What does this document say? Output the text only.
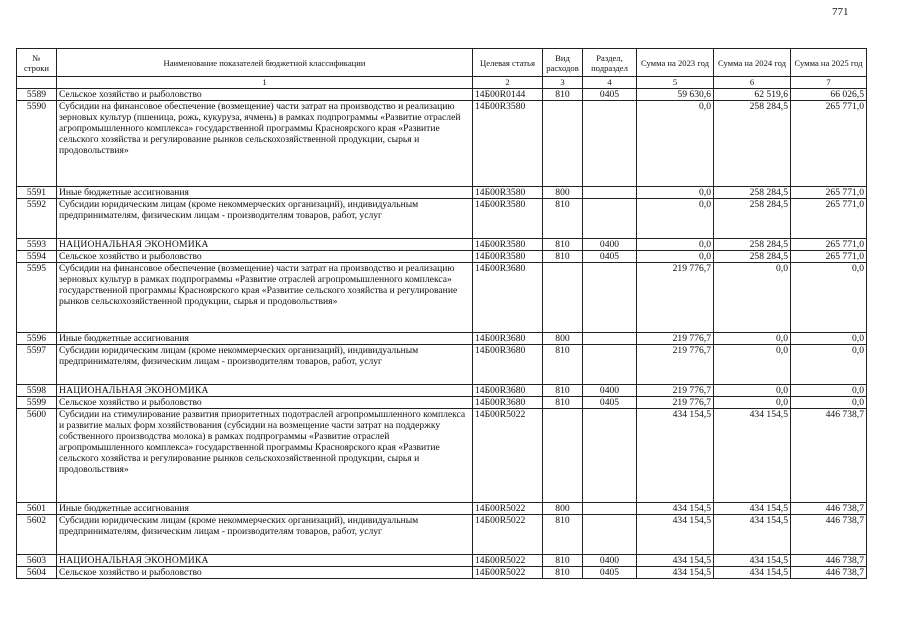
771
№ строки	Наименование показателей бюджетной классификации	Целевая статья	Вид расходов	Раздел, подраздел	Сумма на 2023 год	Сумма на 2024 год	Сумма на 2025 год
	1	2	3	4	5	6	7
5589	Сельское хозяйство и рыболовство	14Б00R0144	810	0405	59 630,6	62 519,6	66 026,5
5590	Субсидии на финансовое обеспечение (возмещение) части затрат на производство и реализацию зерновых культур (пшеница, рожь, кукуруза, ячмень) в рамках подпрограммы «Развитие отраслей агропромышленного комплекса» государственной программы Красноярского края «Развитие сельского хозяйства и регулирование рынков сельскохозяйственной продукции, сырья и продовольствия»	14Б00R3580			0,0	258 284,5	265 771,0
5591	Иные бюджетные ассигнования	14Б00R3580	800		0,0	258 284,5	265 771,0
5592	Субсидии юридическим лицам (кроме некоммерческих организаций), индивидуальным предпринимателям, физическим лицам - производителям товаров, работ, услуг	14Б00R3580	810		0,0	258 284,5	265 771,0
5593	НАЦИОНАЛЬНАЯ ЭКОНОМИКА	14Б00R3580	810	0400	0,0	258 284,5	265 771,0
5594	Сельское хозяйство и рыболовство	14Б00R3580	810	0405	0,0	258 284,5	265 771,0
5595	Субсидии на финансовое обеспечение (возмещение) части затрат на производство и реализацию зерновых культур в рамках подпрограммы «Развитие отраслей агропромышленного комплекса» государственной программы Красноярского края «Развитие сельского хозяйства и регулирование рынков сельскохозяйственной продукции, сырья и продовольствия»	14Б00R3680			219 776,7	0,0	0,0
5596	Иные бюджетные ассигнования	14Б00R3680	800		219 776,7	0,0	0,0
5597	Субсидии юридическим лицам (кроме некоммерческих организаций), индивидуальным предпринимателям, физическим лицам - производителям товаров, работ, услуг	14Б00R3680	810		219 776,7	0,0	0,0
5598	НАЦИОНАЛЬНАЯ ЭКОНОМИКА	14Б00R3680	810	0400	219 776,7	0,0	0,0
5599	Сельское хозяйство и рыболовство	14Б00R3680	810	0405	219 776,7	0,0	0,0
5600	Субсидии на стимулирование развития приоритетных подотраслей агропромышленного комплекса и развитие малых форм хозяйствования (субсидии на возмещение части затрат на поддержку собственного производства молока) в рамках подпрограммы «Развитие отраслей агропромышленного комплекса» государственной программы Красноярского края «Развитие сельского хозяйства и регулирование рынков сельскохозяйственной продукции, сырья и продовольствия»	14Б00R5022			434 154,5	434 154,5	446 738,7
5601	Иные бюджетные ассигнования	14Б00R5022	800		434 154,5	434 154,5	446 738,7
5602	Субсидии юридическим лицам (кроме некоммерческих организаций), индивидуальным предпринимателям, физическим лицам - производителям товаров, работ, услуг	14Б00R5022	810		434 154,5	434 154,5	446 738,7
5603	НАЦИОНАЛЬНАЯ ЭКОНОМИКА	14Б00R5022	810	0400	434 154,5	434 154,5	446 738,7
5604	Сельское хозяйство и рыболовство	14Б00R5022	810	0405	434 154,5	434 154,5	446 738,7
